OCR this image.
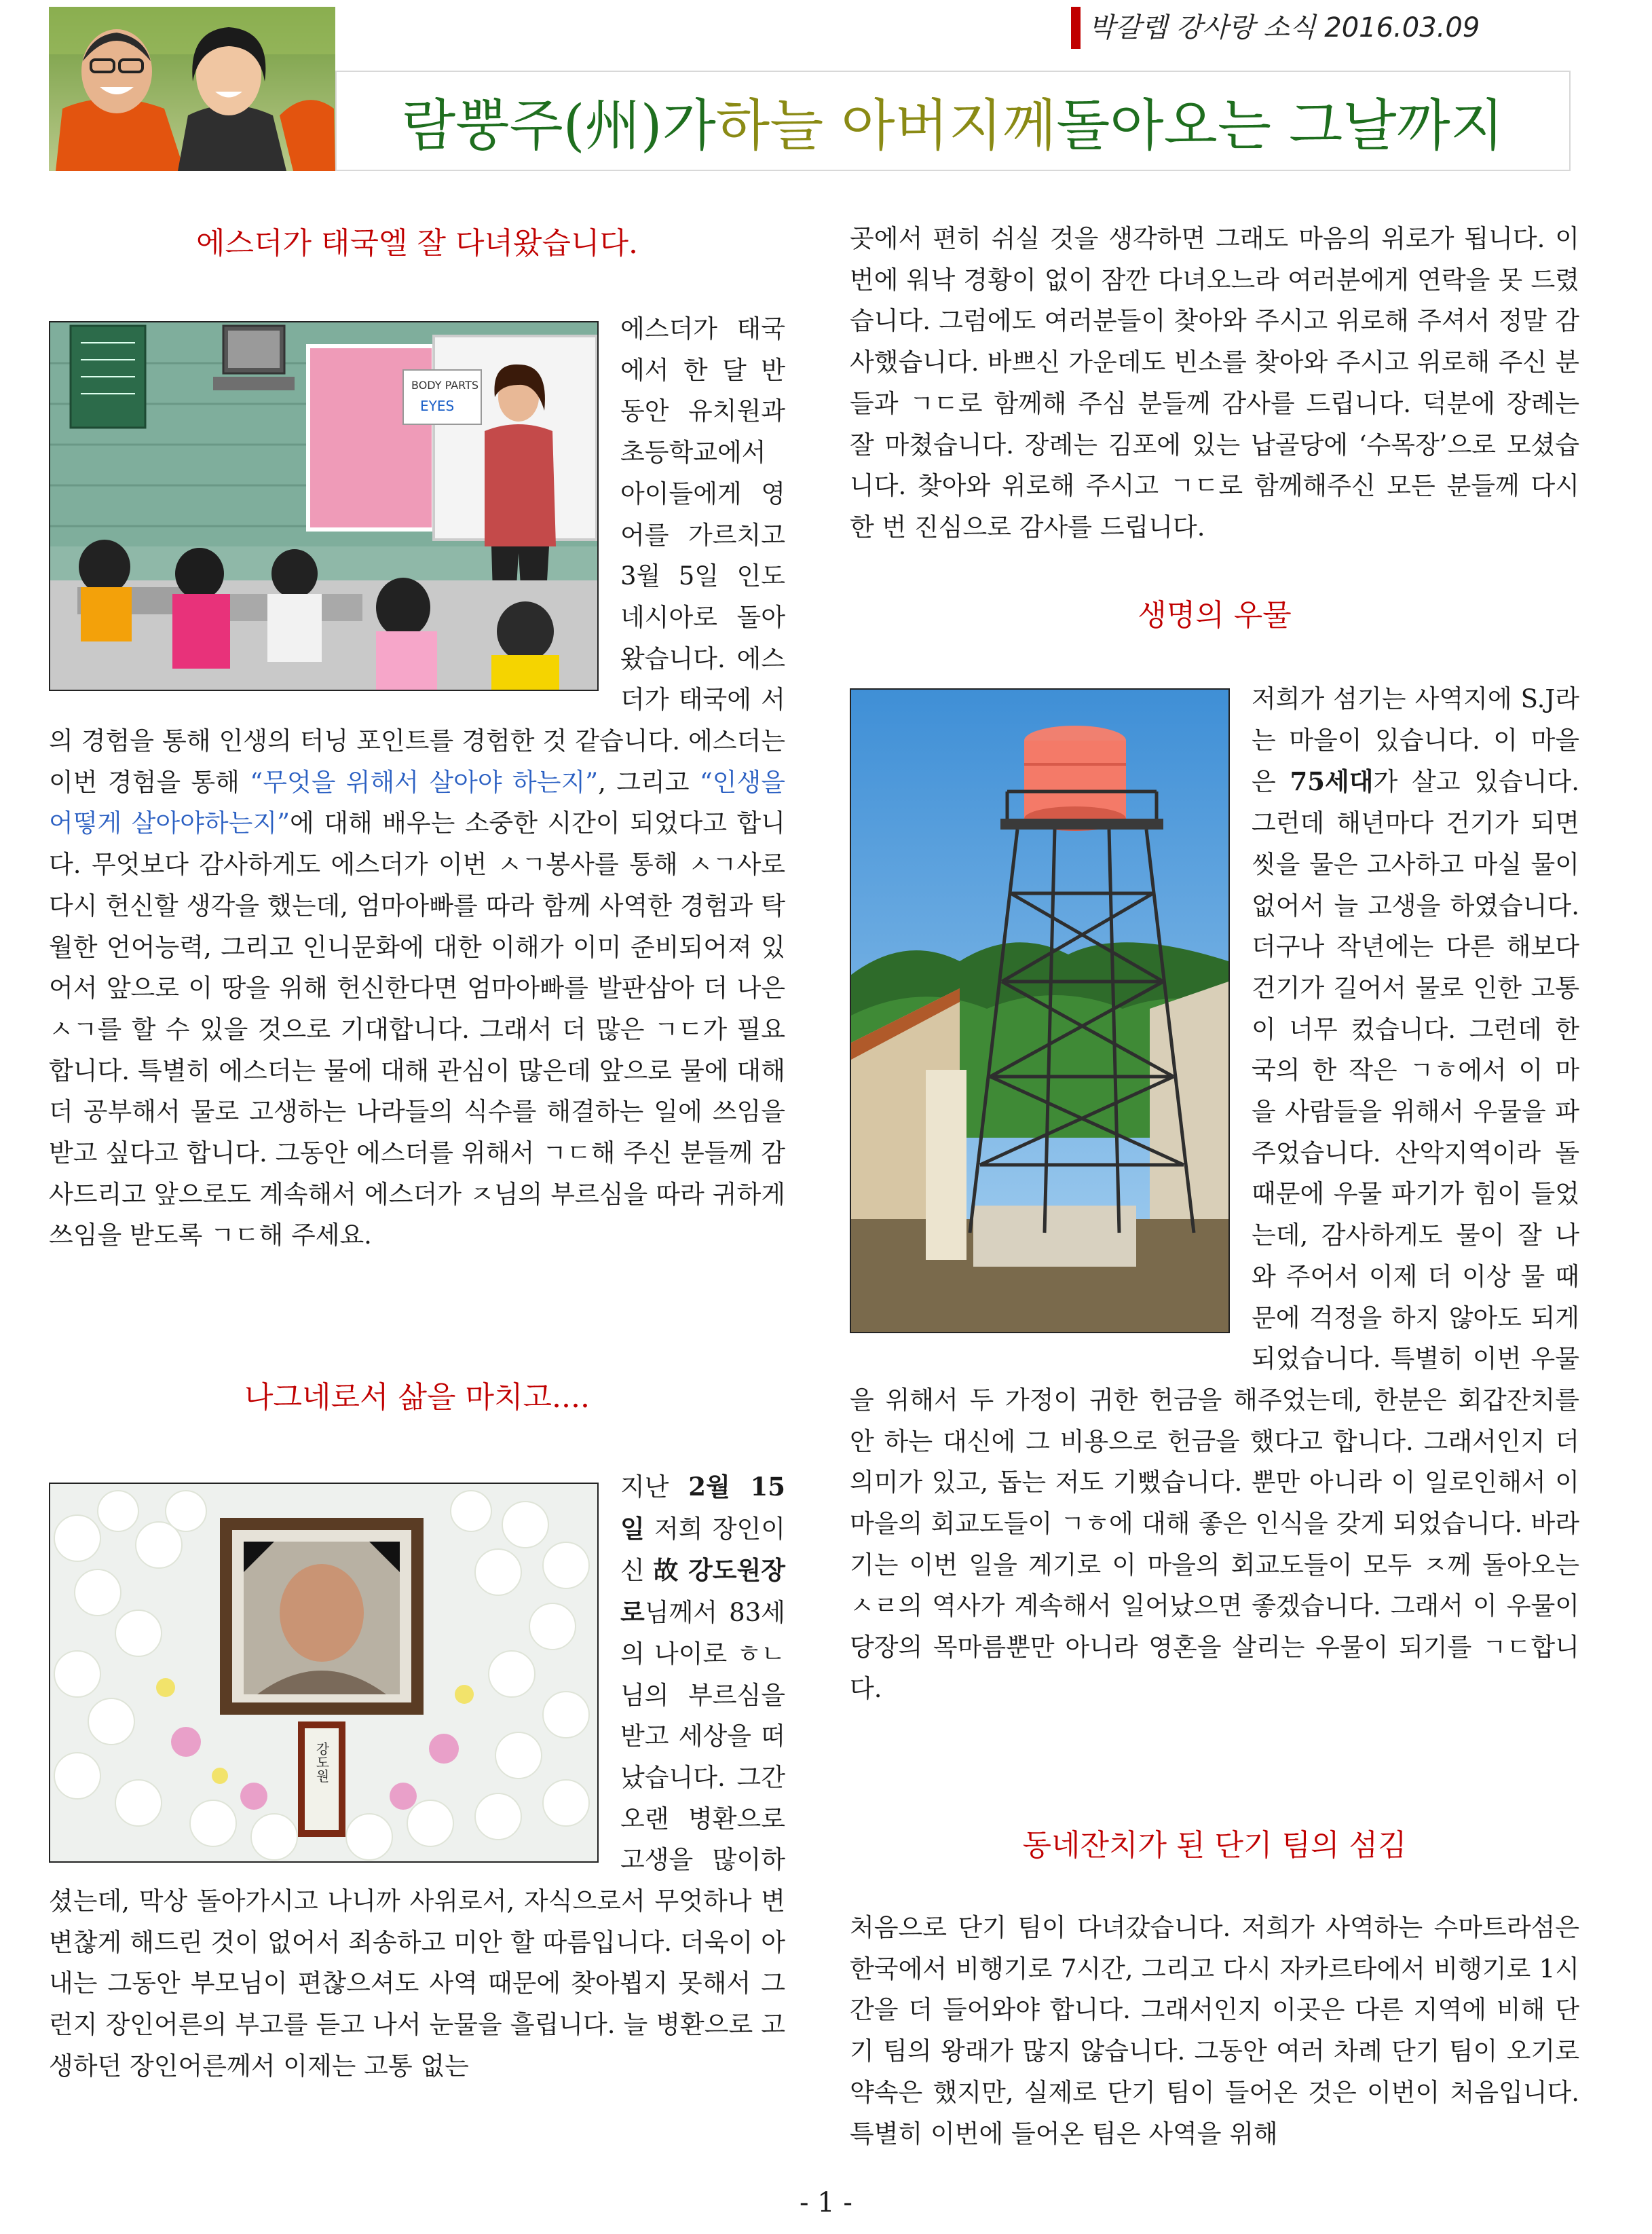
박갈렙 강사랑 소식 2016.03.09
람뿡주(州)가 하늘 아버지께 돌아오는 그날까지
에스더가 태국엘 잘 다녀왔습니다.
BODY PARTS
EYES

에스더가 태국에서 한 달 반 동안 유치원과 초등학교에서 아이들에게 영어를 가르치고 3월 5일 인도네시아로 돌아왔습니다. 에스더가 태국에 서의 경험을 통해 인생의 터닝 포인트를 경험한 것 같습니다. 에스더는 이번 경험을 통해 “무엇을 위해서 살아야 하는지”, 그리고 “인생을 어떻게 살아야하는지”에 대해 배우는 소중한 시간이 되었다고 합니다. 무엇보다 감사하게도 에스더가 이번 ㅅㄱ봉사를 통해 ㅅㄱ사로 다시 헌신할 생각을 했는데, 엄마아빠를 따라 함께 사역한 경험과 탁월한 언어능력, 그리고 인니문화에 대한 이해가 이미 준비되어져 있어서 앞으로 이 땅을 위해 헌신한다면 엄마아빠를 발판삼아 더 나은 ㅅㄱ를 할 수 있을 것으로 기대합니다. 그래서 더 많은 ㄱㄷ가 필요합니다. 특별히 에스더는 물에 대해 관심이 많은데 앞으로 물에 대해 더 공부해서 물로 고생하는 나라들의 식수를 해결하는 일에 쓰임을 받고 싶다고 합니다. 그동안 에스더를 위해서 ㄱㄷ해 주신 분들께 감사드리고 앞으로도 계속해서 에스더가 ㅈ님의 부르심을 따라 귀하게 쓰임을 받도록 ㄱㄷ해 주세요.
나그네로서 삶을 마치고....
강도원
지난 2월 15일 저희 장인이신 故 강도원장로님께서 83세의 나이로 ㅎㄴ님의 부르심을 받고 세상을 떠났습니다. 그간 오랜 병환으로 고생을 많이하셨는데, 막상 돌아가시고 나니까 사위로서, 자식으로서 무엇하나 변변찮게 해드린 것이 없어서 죄송하고 미안 할 따름입니다. 더욱이 아내는 그동안 부모님이 편찮으셔도 사역 때문에 찾아뵙지 못해서 그런지 장인어른의 부고를 듣고 나서 눈물을 흘립니다. 늘 병환으로 고생하던 장인어른께서 이제는 고통 없는
곳에서 편히 쉬실 것을 생각하면 그래도 마음의 위로가 됩니다. 이번에 워낙 경황이 없이 잠깐 다녀오느라 여러분에게 연락을 못 드렸습니다. 그럼에도 여러분들이 찾아와 주시고 위로해 주셔서 정말 감사했습니다. 바쁘신 가운데도 빈소를 찾아와 주시고 위로해 주신 분들과 ㄱㄷ로 함께해 주심 분들께 감사를 드립니다. 덕분에 장례는 잘 마쳤습니다. 장례는 김포에 있는 납골당에 ‘수목장’으로 모셨습니다. 찾아와 위로해 주시고 ㄱㄷ로 함께해주신 모든 분들께 다시 한 번 진심으로 감사를 드립니다.
생명의 우물
저희가 섬기는 사역지에 S.J라는 마을이 있습니다. 이 마을은 75세대가 살고 있습니다. 그런데 해년마다 건기가 되면 씻을 물은 고사하고 마실 물이 없어서 늘 고생을 하였습니다. 더구나 작년에는 다른 해보다 건기가 길어서 물로 인한 고통이 너무 컸습니다. 그런데 한국의 한 작은 ㄱㅎ에서 이 마을 사람들을 위해서 우물을 파주었습니다. 산악지역이라 돌 때문에 우물 파기가 힘이 들었는데, 감사하게도 물이 잘 나와 주어서 이제 더 이상 물 때문에 걱정을 하지 않아도 되게 되었습니다. 특별히 이번 우물을 위해서 두 가정이 귀한 헌금을 해주었는데, 한분은 회갑잔치를 안 하는 대신에 그 비용으로 헌금을 했다고 합니다. 그래서인지 더 의미가 있고, 돕는 저도 기뻤습니다. 뿐만 아니라 이 일로인해서 이 마을의 회교도들이 ㄱㅎ에 대해 좋은 인식을 갖게 되었습니다. 바라기는 이번 일을 계기로 이 마을의 회교도들이 모두 ㅈ께 돌아오는 ㅅㄹ의 역사가 계속해서 일어났으면 좋겠습니다. 그래서 이 우물이 당장의 목마름뿐만 아니라 영혼을 살리는 우물이 되기를 ㄱㄷ합니다.
동네잔치가 된 단기 팀의 섬김
처음으로 단기 팀이 다녀갔습니다. 저희가 사역하는 수마트라섬은 한국에서 비행기로 7시간, 그리고 다시 자카르타에서 비행기로 1시간을 더 들어와야 합니다. 그래서인지 이곳은 다른 지역에 비해 단기 팀의 왕래가 많지 않습니다. 그동안 여러 차례 단기 팀이 오기로 약속은 했지만, 실제로 단기 팀이 들어온 것은 이번이 처음입니다. 특별히 이번에 들어온 팀은 사역을 위해
- 1 -
